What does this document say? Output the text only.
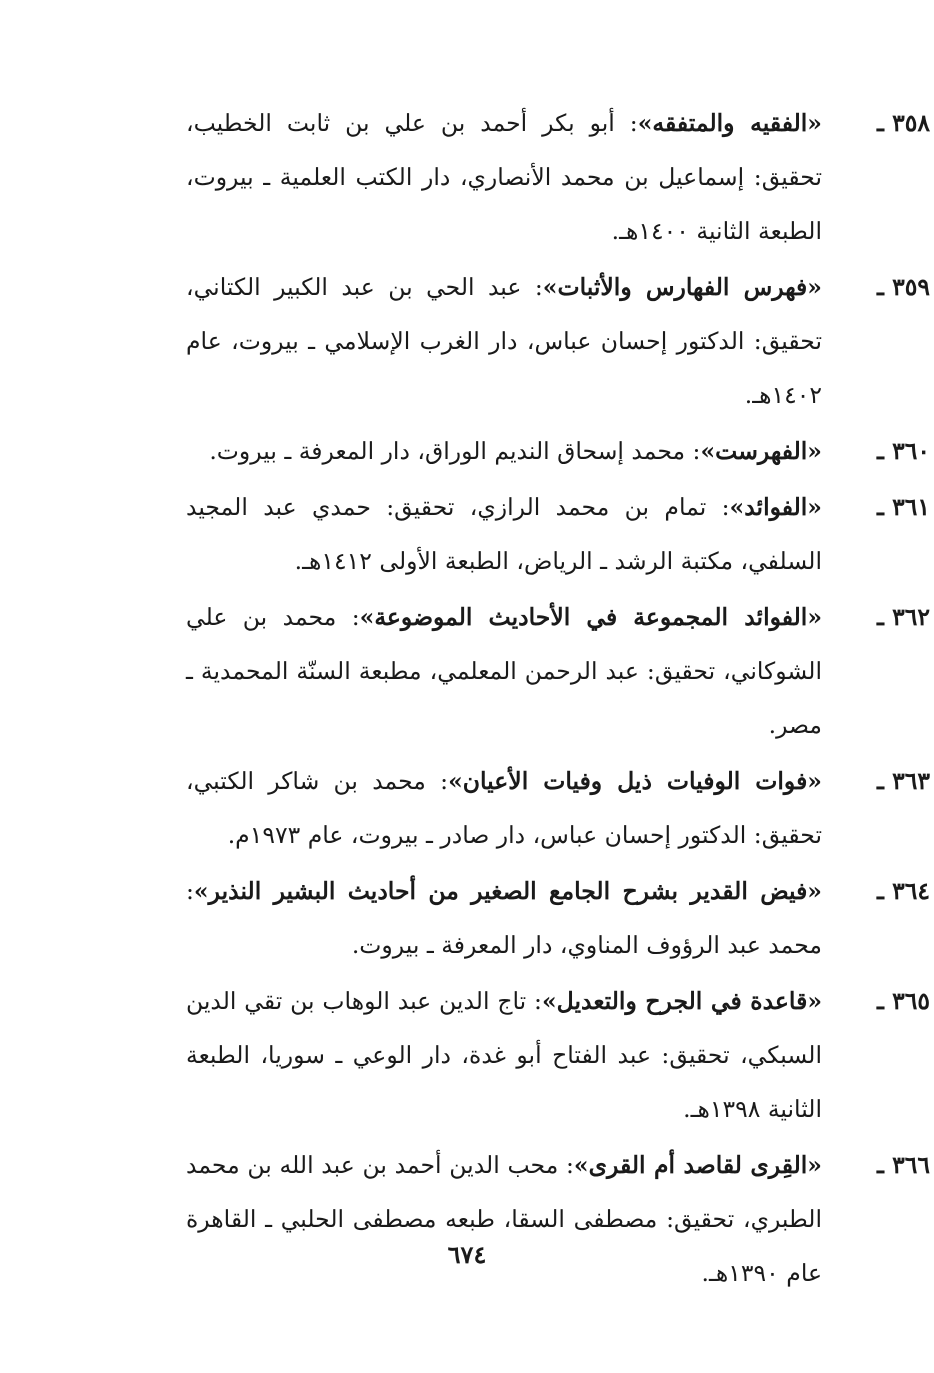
٣٥٨ ـ
«الفقيه والمتفقه»: أبو بكر أحمد بن علي بن ثابت الخطيب، تحقيق: إسماعيل بن محمد الأنصاري، دار الكتب العلمية ـ بيروت، الطبعة الثانية ١٤٠٠هـ.
٣٥٩ ـ
«فهرس الفهارس والأثبات»: عبد الحي بن عبد الكبير الكتاني، تحقيق: الدكتور إحسان عباس، دار الغرب الإسلامي ـ بيروت، عام ١٤٠٢هـ.
٣٦٠ ـ
«الفهرست»: محمد إسحاق النديم الوراق، دار المعرفة ـ بيروت.
٣٦١ ـ
«الفوائد»: تمام بن محمد الرازي، تحقيق: حمدي عبد المجيد السلفي، مكتبة الرشد ـ الرياض، الطبعة الأولى ١٤١٢هـ.
٣٦٢ ـ
«الفوائد المجموعة في الأحاديث الموضوعة»: محمد بن علي الشوكاني، تحقيق: عبد الرحمن المعلمي، مطبعة السنّة المحمدية ـ مصر.
٣٦٣ ـ
«فوات الوفيات ذيل وفيات الأعيان»: محمد بن شاكر الكتبي، تحقيق: الدكتور إحسان عباس، دار صادر ـ بيروت، عام ١٩٧٣م.
٣٦٤ ـ
«فيض القدير بشرح الجامع الصغير من أحاديث البشير النذير»: محمد عبد الرؤوف المناوي، دار المعرفة ـ بيروت.
٣٦٥ ـ
«قاعدة في الجرح والتعديل»: تاج الدين عبد الوهاب بن تقي الدين السبكي، تحقيق: عبد الفتاح أبو غدة، دار الوعي ـ سوريا، الطبعة الثانية ١٣٩٨هـ.
٣٦٦ ـ
«القِرى لقاصد أم القرى»: محب الدين أحمد بن عبد الله بن محمد الطبري، تحقيق: مصطفى السقا، طبعه مصطفى الحلبي ـ القاهرة عام ١٣٩٠هـ.
٦٧٤
